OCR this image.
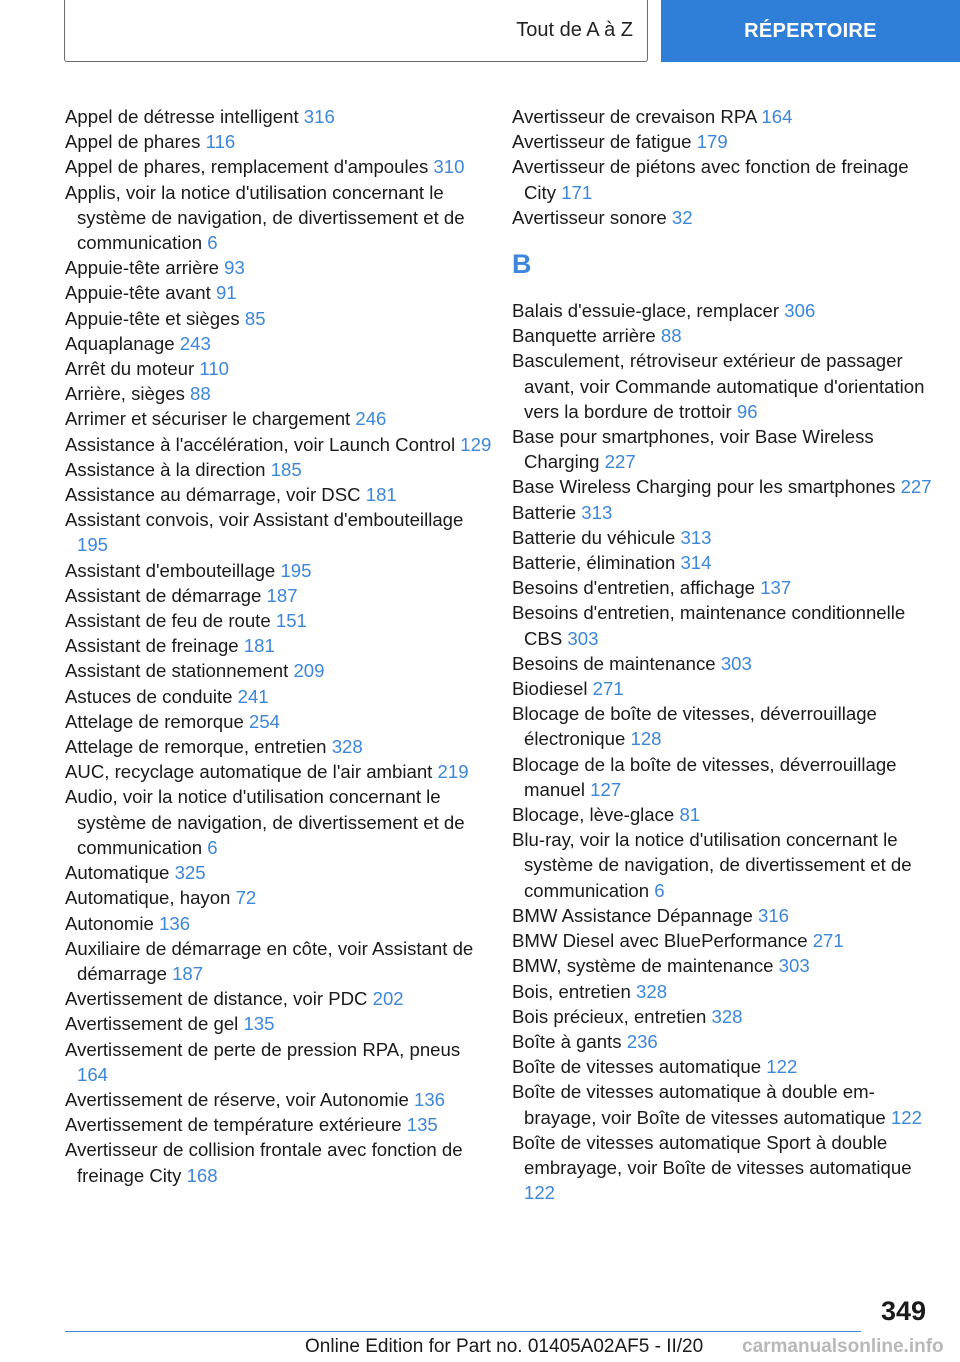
Tout de A à Z	RÉPERTOIRE

Appel de détresse intelligent 316

Appel de phares 116

Appel de phares, remplacement d'ampoules 310

Applis, voir la notice d'utilisation concernant le système de navigation, de divertissement et de communication 6

Appuie-tête arrière 93

Appuie-tête avant 91

Appuie-tête et sièges 85

Aquaplanage 243

Arrêt du moteur 110

Arrière, sièges 88

Arrimer et sécuriser le chargement 246

Assistance à l'accélération, voir Launch Control 129

Assistance à la direction 185

Assistance au démarrage, voir DSC 181

Assistant convois, voir Assistant d'embouteillage 195

Assistant d'embouteillage 195

Assistant de démarrage 187

Assistant de feu de route 151

Assistant de freinage 181

Assistant de stationnement 209

Astuces de conduite 241

Attelage de remorque 254

Attelage de remorque, entretien 328

AUC, recyclage automatique de l'air ambiant 219

Audio, voir la notice d'utilisation concernant le système de navigation, de divertissement et de communication 6

Automatique 325

Automatique, hayon 72

Autonomie 136

Auxiliaire de démarrage en côte, voir Assistant de démarrage 187

Avertissement de distance, voir PDC 202

Avertissement de gel 135

Avertissement de perte de pression RPA, pneus 164

Avertissement de réserve, voir Autonomie 136

Avertissement de température extérieure 135

Avertisseur de collision frontale avec fonction de freinage City 168

Avertisseur de crevaison RPA 164

Avertisseur de fatigue 179

Avertisseur de piétons avec fonction de freinage City 171

Avertisseur sonore 32

B

Balais d'essuie-glace, remplacer 306

Banquette arrière 88

Basculement, rétroviseur extérieur de passager avant, voir Commande automatique d'orientation vers la bordure de trottoir 96

Base pour smartphones, voir Base Wireless Charging 227

Base Wireless Charging pour les smartphones 227

Batterie 313

Batterie du véhicule 313

Batterie, élimination 314

Besoins d'entretien, affichage 137

Besoins d'entretien, maintenance conditionnelle CBS 303

Besoins de maintenance 303

Biodiesel 271

Blocage de boîte de vitesses, déverrouillage électronique 128

Blocage de la boîte de vitesses, déverrouillage manuel 127

Blocage, lève-glace 81

Blu-ray, voir la notice d'utilisation concernant le système de navigation, de divertissement et de communication 6

BMW Assistance Dépannage 316

BMW Diesel avec BluePerformance 271

BMW, système de maintenance 303

Bois, entretien 328

Bois précieux, entretien 328

Boîte à gants 236

Boîte de vitesses automatique 122

Boîte de vitesses automatique à double embrayage, voir Boîte de vitesses automatique 122

Boîte de vitesses automatique Sport à double embrayage, voir Boîte de vitesses automatique 122

349
Online Edition for Part no. 01405A02AF5 - II/20 carmanualsonline.info
